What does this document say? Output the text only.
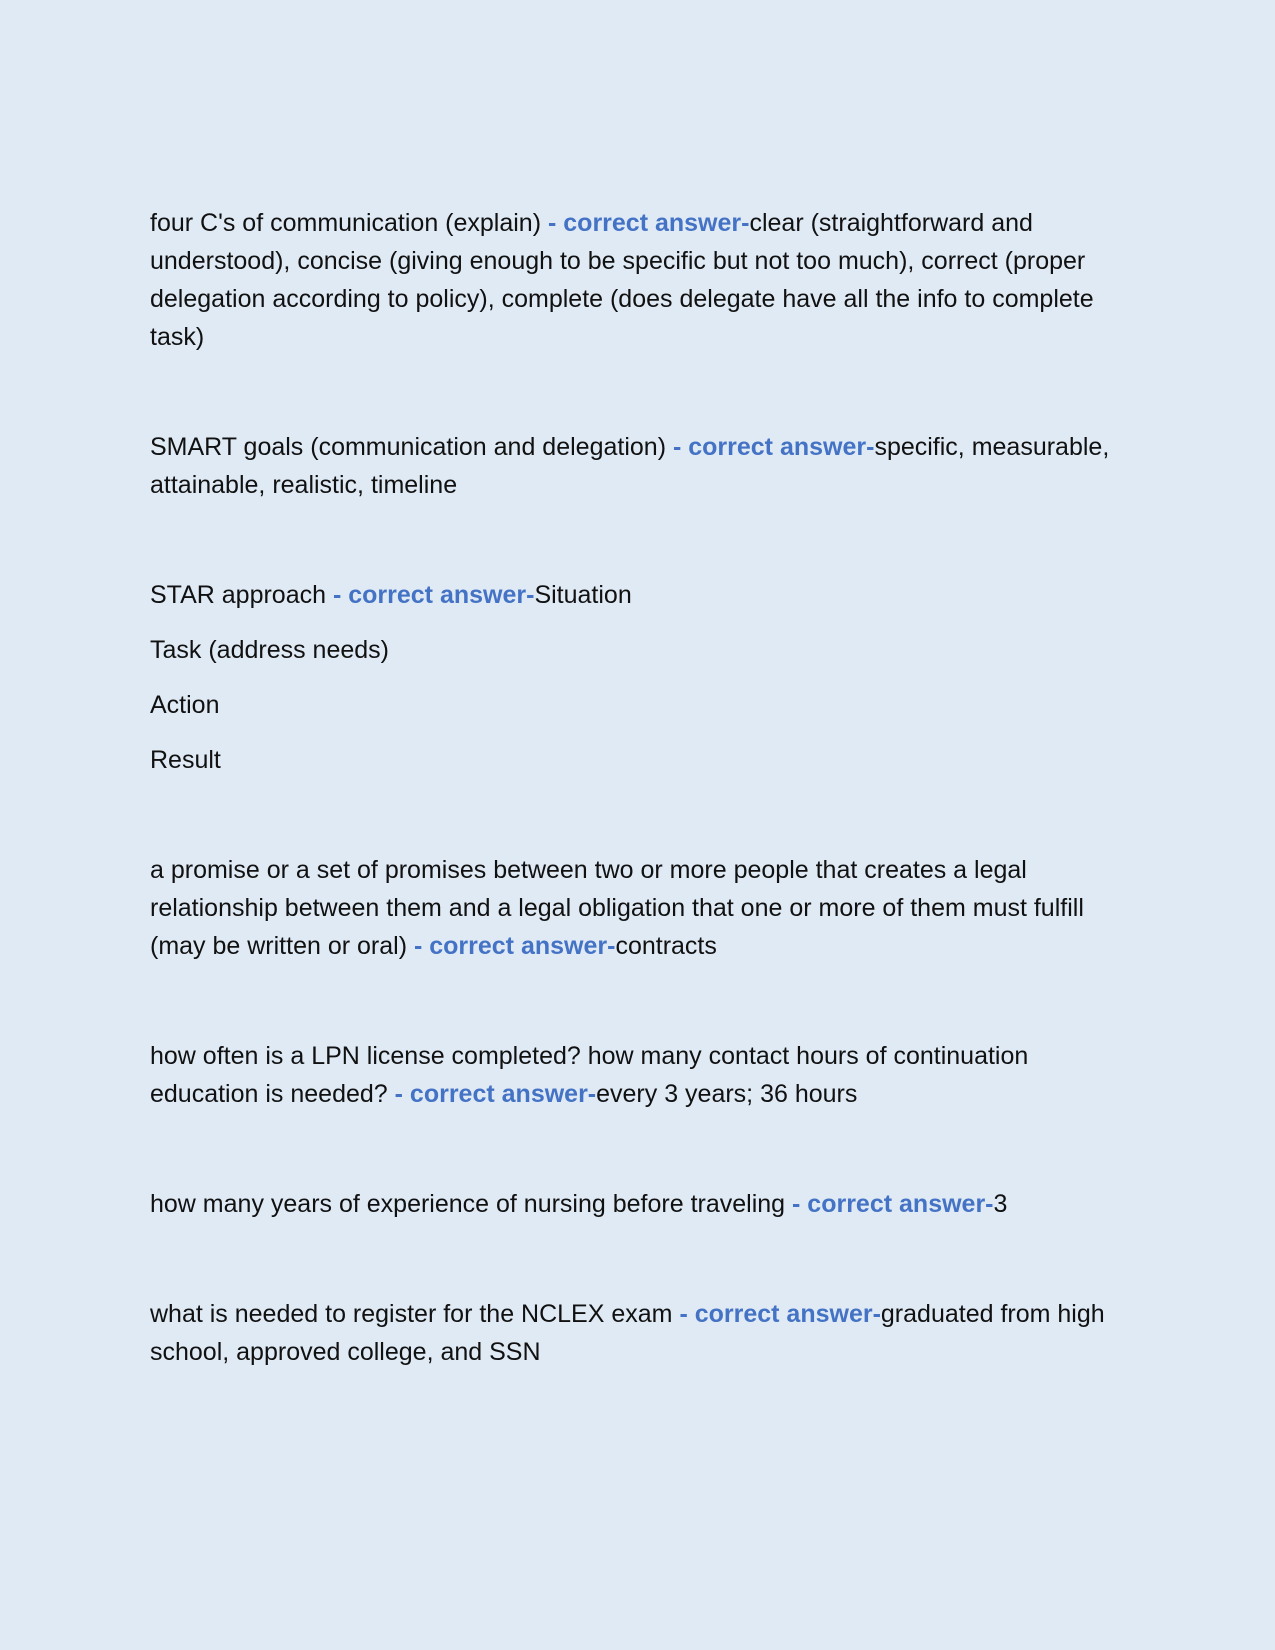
four C's of communication (explain) - correct answer-clear (straightforward and understood), concise (giving enough to be specific but not too much), correct (proper delegation according to policy), complete (does delegate have all the info to complete task)

SMART goals (communication and delegation) - correct answer-specific, measurable, attainable, realistic, timeline

STAR approach - correct answer-Situation

Task (address needs)

Action

Result

a promise or a set of promises between two or more people that creates a legal relationship between them and a legal obligation that one or more of them must fulfill (may be written or oral) - correct answer-contracts

how often is a LPN license completed? how many contact hours of continuation education is needed? - correct answer-every 3 years; 36 hours

how many years of experience of nursing before traveling - correct answer-3

what is needed to register for the NCLEX exam - correct answer-graduated from high school, approved college, and SSN
